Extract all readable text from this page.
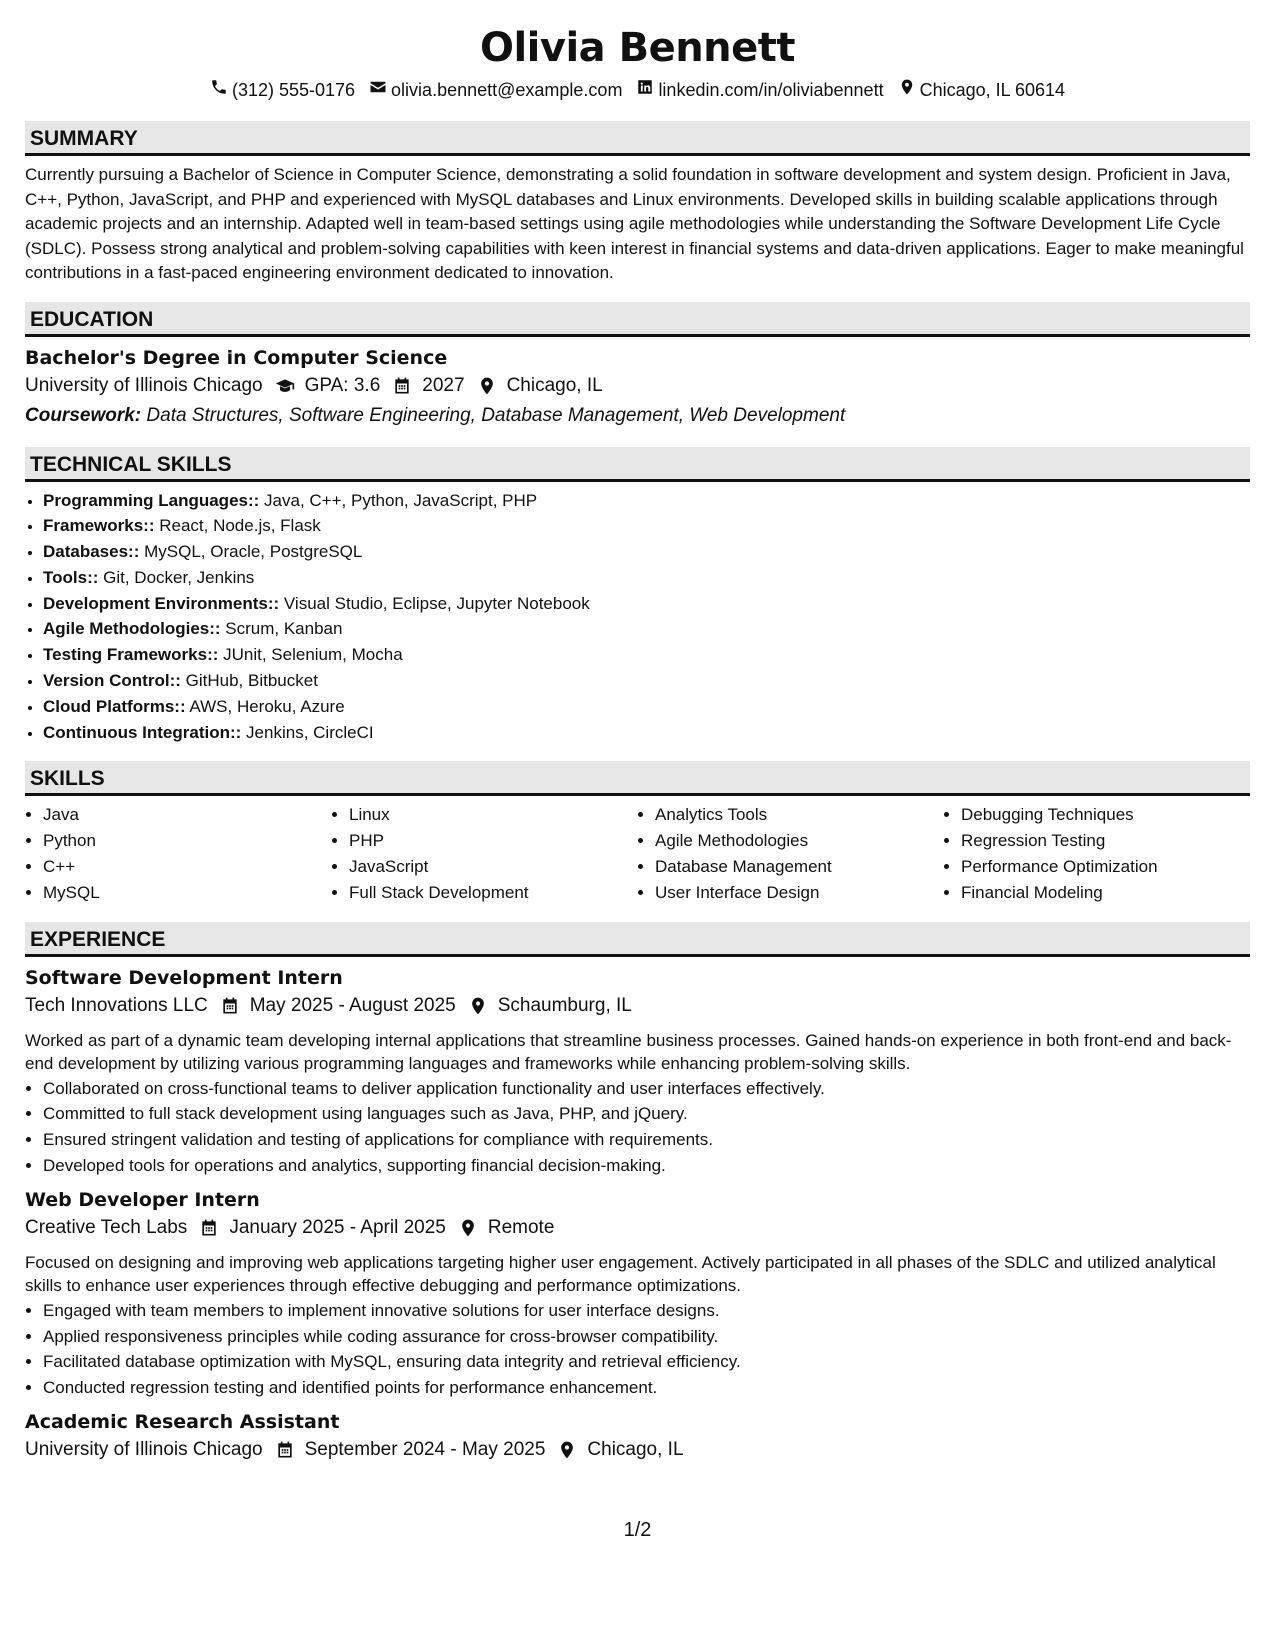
Olivia Bennett
(312) 555-0176 olivia.bennett@example.com linkedin.com/in/oliviabennett Chicago, IL 60614
SUMMARY
Currently pursuing a Bachelor of Science in Computer Science, demonstrating a solid foundation in software development and system design. Proficient in Java, C++, Python, JavaScript, and PHP and experienced with MySQL databases and Linux environments. Developed skills in building scalable applications through academic projects and an internship. Adapted well in team-based settings using agile methodologies while understanding the Software Development Life Cycle (SDLC). Possess strong analytical and problem-solving capabilities with keen interest in financial systems and data-driven applications. Eager to make meaningful contributions in a fast-paced engineering environment dedicated to innovation.
EDUCATION
Bachelor's Degree in Computer Science
University of Illinois Chicago GPA: 3.6 2027 Chicago, IL
Coursework: Data Structures, Software Engineering, Database Management, Web Development
TECHNICAL SKILLS
• Programming Languages:: Java, C++, Python, JavaScript, PHP
• Frameworks:: React, Node.js, Flask
• Databases:: MySQL, Oracle, PostgreSQL
• Tools:: Git, Docker, Jenkins
• Development Environments:: Visual Studio, Eclipse, Jupyter Notebook
• Agile Methodologies:: Scrum, Kanban
• Testing Frameworks:: JUnit, Selenium, Mocha
• Version Control:: GitHub, Bitbucket
• Cloud Platforms:: AWS, Heroku, Azure
• Continuous Integration:: Jenkins, CircleCI
SKILLS
• Java
• Python
• C++
• MySQL
• Linux
• PHP
• JavaScript
• Full Stack Development
• Analytics Tools
• Agile Methodologies
• Database Management
• User Interface Design
• Debugging Techniques
• Regression Testing
• Performance Optimization
• Financial Modeling
EXPERIENCE
Software Development Intern
Tech Innovations LLC May 2025 - August 2025 Schaumburg, IL
Worked as part of a dynamic team developing internal applications that streamline business processes. Gained hands-on experience in both front-end and back-end development by utilizing various programming languages and frameworks while enhancing problem-solving skills.
• Collaborated on cross-functional teams to deliver application functionality and user interfaces effectively.
• Committed to full stack development using languages such as Java, PHP, and jQuery.
• Ensured stringent validation and testing of applications for compliance with requirements.
• Developed tools for operations and analytics, supporting financial decision-making.
Web Developer Intern
Creative Tech Labs January 2025 - April 2025 Remote
Focused on designing and improving web applications targeting higher user engagement. Actively participated in all phases of the SDLC and utilized analytical skills to enhance user experiences through effective debugging and performance optimizations.
• Engaged with team members to implement innovative solutions for user interface designs.
• Applied responsiveness principles while coding assurance for cross-browser compatibility.
• Facilitated database optimization with MySQL, ensuring data integrity and retrieval efficiency.
• Conducted regression testing and identified points for performance enhancement.
Academic Research Assistant
University of Illinois Chicago September 2024 - May 2025 Chicago, IL
1/2
